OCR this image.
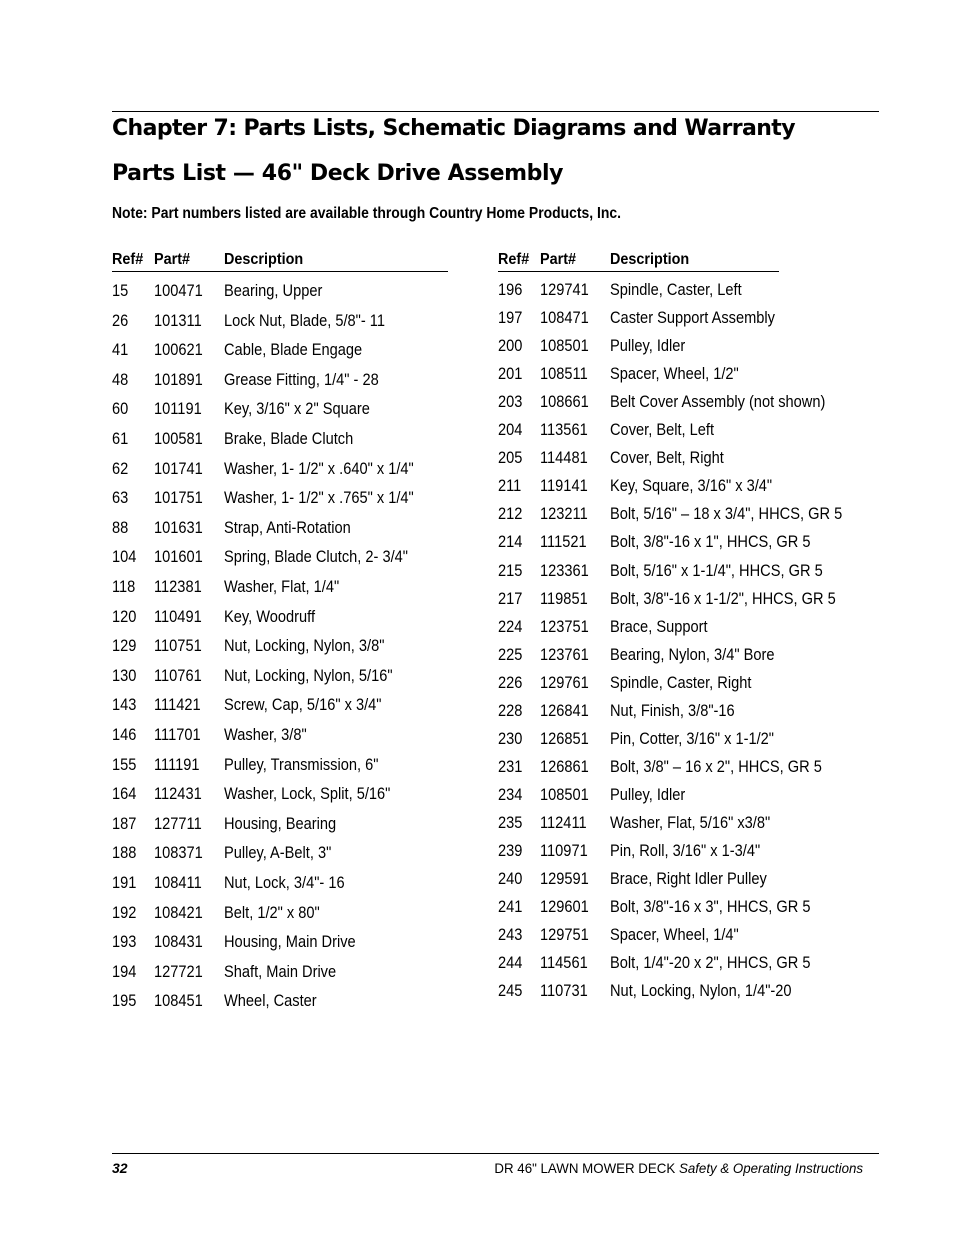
Chapter 7: Parts Lists, Schematic Diagrams and Warranty
Parts List — 46" Deck Drive Assembly
Note: Part numbers listed are available through Country Home Products, Inc.
Ref# Part# Description
15 100471 Bearing, Upper
26 101311 Lock Nut, Blade, 5/8"- 11
41 100621 Cable, Blade Engage
48 101891 Grease Fitting, 1/4" - 28
60 101191 Key, 3/16" x 2" Square
61 100581 Brake, Blade Clutch
62 101741 Washer, 1- 1/2" x .640" x 1/4"
63 101751 Washer, 1- 1/2" x .765" x 1/4"
88 101631 Strap, Anti-Rotation
104 101601 Spring, Blade Clutch, 2- 3/4"
118 112381 Washer, Flat, 1/4"
120 110491 Key, Woodruff
129 110751 Nut, Locking, Nylon, 3/8"
130 110761 Nut, Locking, Nylon, 5/16"
143 111421 Screw, Cap, 5/16" x 3/4"
146 111701 Washer, 3/8"
155 111191 Pulley, Transmission, 6"
164 112431 Washer, Lock, Split, 5/16"
187 127711 Housing, Bearing
188 108371 Pulley, A-Belt, 3"
191 108411 Nut, Lock, 3/4"- 16
192 108421 Belt, 1/2" x 80"
193 108431 Housing, Main Drive
194 127721 Shaft, Main Drive
195 108451 Wheel, Caster
Ref# Part# Description
196 129741 Spindle, Caster, Left
197 108471 Caster Support Assembly
200 108501 Pulley, Idler
201 108511 Spacer, Wheel, 1/2"
203 108661 Belt Cover Assembly (not shown)
204 113561 Cover, Belt, Left
205 114481 Cover, Belt, Right
211 119141 Key, Square, 3/16" x 3/4"
212 123211 Bolt, 5/16" – 18 x 3/4", HHCS, GR 5
214 111521 Bolt, 3/8"-16 x 1", HHCS, GR 5
215 123361 Bolt, 5/16" x 1-1/4", HHCS, GR 5
217 119851 Bolt, 3/8"-16 x 1-1/2", HHCS, GR 5
224 123751 Brace, Support
225 123761 Bearing, Nylon, 3/4" Bore
226 129761 Spindle, Caster, Right
228 126841 Nut, Finish, 3/8"-16
230 126851 Pin, Cotter, 3/16" x 1-1/2"
231 126861 Bolt, 3/8" – 16 x 2", HHCS, GR 5
234 108501 Pulley, Idler
235 112411 Washer, Flat, 5/16" x3/8"
239 110971 Pin, Roll, 3/16" x 1-3/4"
240 129591 Brace, Right Idler Pulley
241 129601 Bolt, 3/8"-16 x 3", HHCS, GR 5
243 129751 Spacer, Wheel, 1/4"
244 114561 Bolt, 1/4"-20 x 2", HHCS, GR 5
245 110731 Nut, Locking, Nylon, 1/4"-20
32	DR 46" LAWN MOWER DECK Safety & Operating Instructions
